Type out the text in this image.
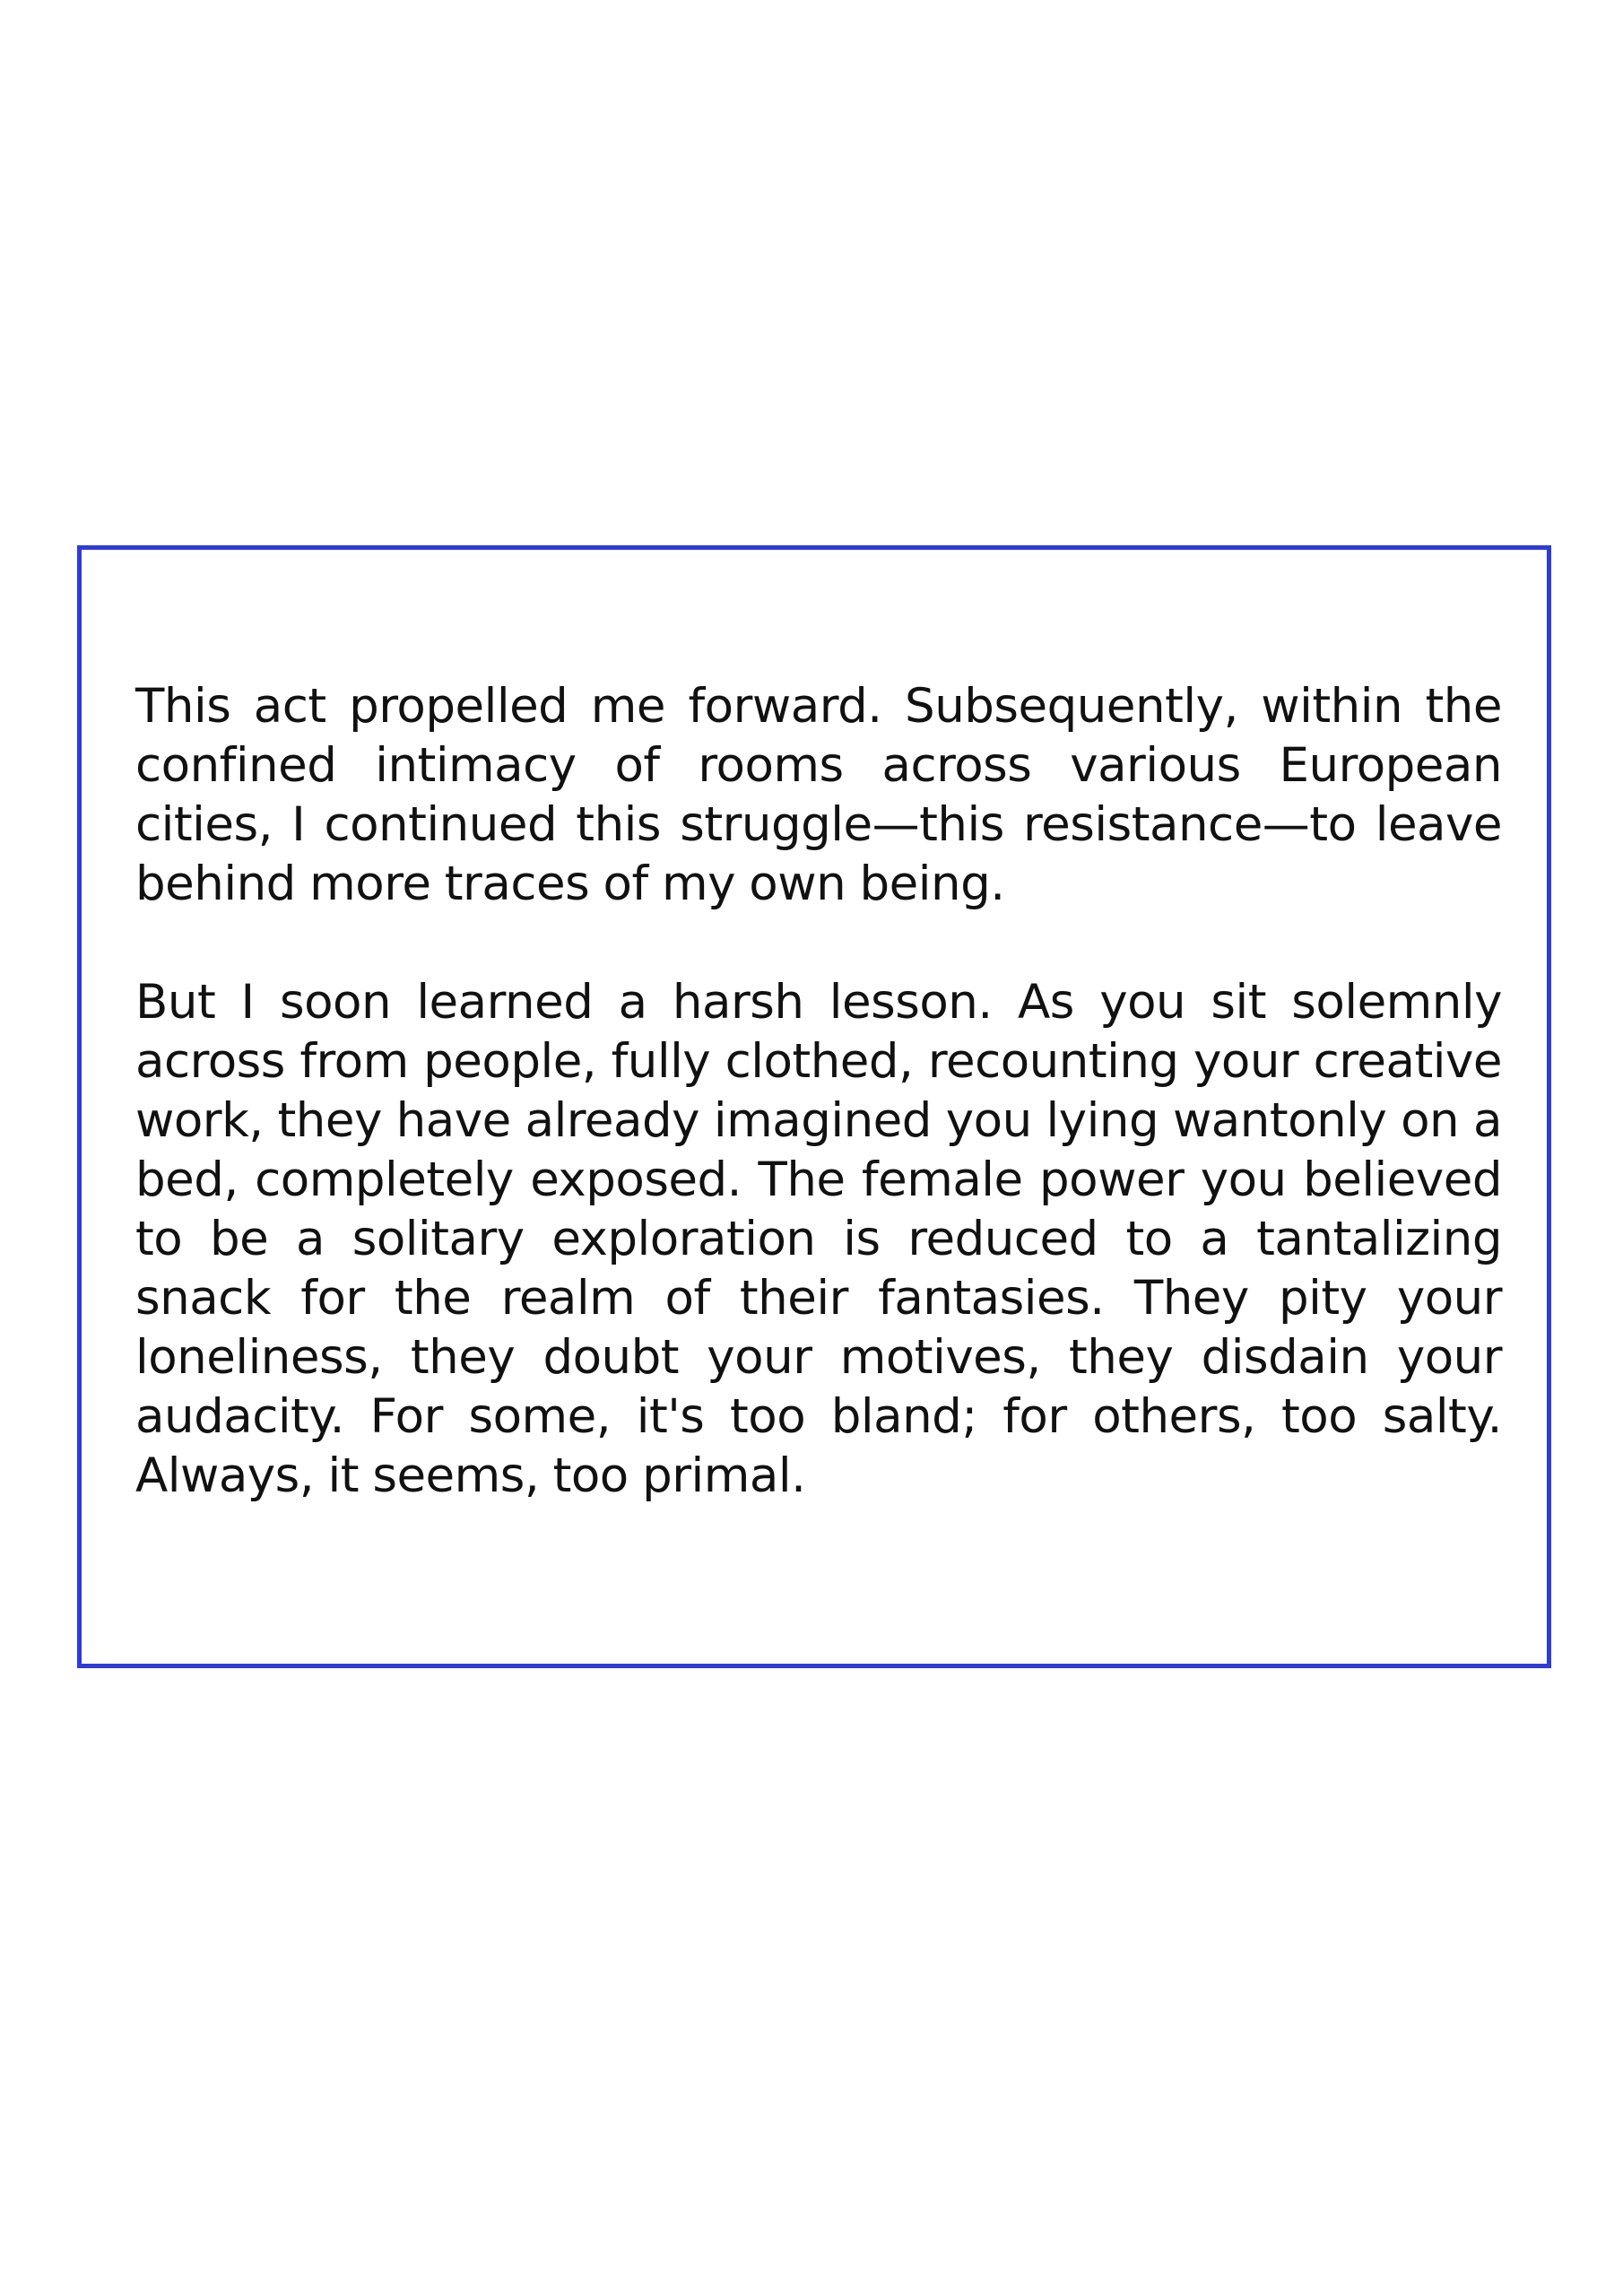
This act propelled me forward. Subsequently, within the confined intimacy of rooms across various European cities, I continued this struggle—this resistance—to leave behind more traces of my own being.

But I soon learned a harsh lesson. As you sit solemnly across from people, fully clothed, recounting your creative work, they have already imagined you lying wantonly on a bed, completely exposed. The female power you believed to be a solitary exploration is reduced to a tantalizing snack for the realm of their fantasies. They pity your loneliness, they doubt your motives, they disdain your audacity. For some, it's too bland; for others, too salty. Always, it seems, too primal.
